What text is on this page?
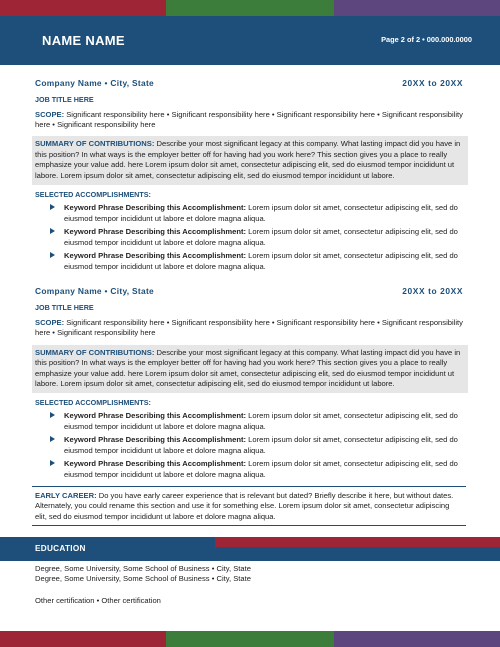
NAME NAME	Page 2 of 2 • 000.000.0000
Company Name • City, State	20XX to 20XX
JOB TITLE HERE
SCOPE: Significant responsibility here • Significant responsibility here • Significant responsibility here • Significant responsibility here • Significant responsibility here
SUMMARY OF CONTRIBUTIONS: Describe your most significant legacy at this company. What lasting impact did you have in this position? In what ways is the employer better off for having had you work here? This section gives you a place to really emphasize your value add. here Lorem ipsum dolor sit amet, consectetur adipiscing elit, sed do eiusmod tempor incididunt ut labore. Lorem ipsum dolor sit amet, consectetur adipiscing elit, sed do eiusmod tempor incididunt ut labore.
SELECTED ACCOMPLISHMENTS:
Keyword Phrase Describing this Accomplishment: Lorem ipsum dolor sit amet, consectetur adipiscing elit, sed do eiusmod tempor incididunt ut labore et dolore magna aliqua.
Keyword Phrase Describing this Accomplishment: Lorem ipsum dolor sit amet, consectetur adipiscing elit, sed do eiusmod tempor incididunt ut labore et dolore magna aliqua.
Keyword Phrase Describing this Accomplishment: Lorem ipsum dolor sit amet, consectetur adipiscing elit, sed do eiusmod tempor incididunt ut labore et dolore magna aliqua.
Company Name • City, State	20XX to 20XX
JOB TITLE HERE
SCOPE: Significant responsibility here • Significant responsibility here • Significant responsibility here • Significant responsibility here • Significant responsibility here
SUMMARY OF CONTRIBUTIONS: Describe your most significant legacy at this company. What lasting impact did you have in this position? In what ways is the employer better off for having had you work here? This section gives you a place to really emphasize your value add. here Lorem ipsum dolor sit amet, consectetur adipiscing elit, sed do eiusmod tempor incididunt ut labore. Lorem ipsum dolor sit amet, consectetur adipiscing elit, sed do eiusmod tempor incididunt ut labore.
SELECTED ACCOMPLISHMENTS:
Keyword Phrase Describing this Accomplishment: Lorem ipsum dolor sit amet, consectetur adipiscing elit, sed do eiusmod tempor incididunt ut labore et dolore magna aliqua.
Keyword Phrase Describing this Accomplishment: Lorem ipsum dolor sit amet, consectetur adipiscing elit, sed do eiusmod tempor incididunt ut labore et dolore magna aliqua.
Keyword Phrase Describing this Accomplishment: Lorem ipsum dolor sit amet, consectetur adipiscing elit, sed do eiusmod tempor incididunt ut labore et dolore magna aliqua.
EARLY CAREER: Do you have early career experience that is relevant but dated? Briefly describe it here, but without dates. Alternately, you could rename this section and use it for something else. Lorem ipsum dolor sit amet, consectetur adipiscing elit, sed do eiusmod tempor incididunt ut labore et dolore magna aliqua.
EDUCATION
Degree, Some University, Some School of Business • City, State
Degree, Some University, Some School of Business • City, State
Other certification • Other certification
